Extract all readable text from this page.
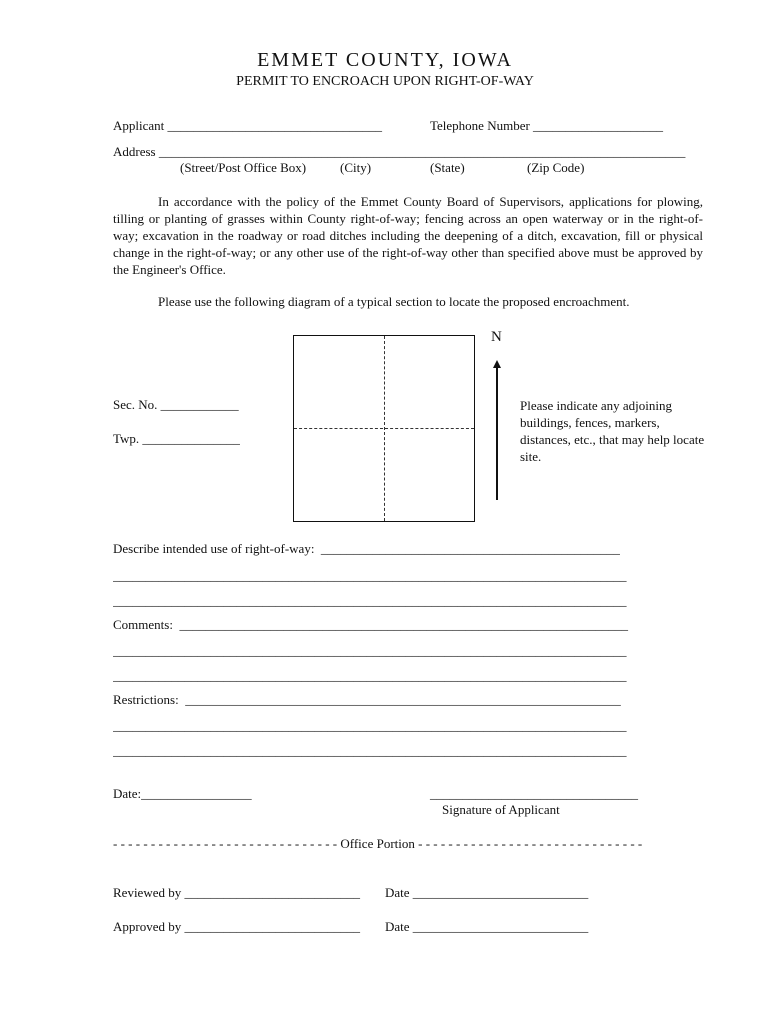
EMMET COUNTY, IOWA
PERMIT TO ENCROACH UPON RIGHT-OF-WAY
Applicant _________________________________	Telephone Number ____________________
Address _________________________________________________________________________________
(Street/Post Office Box)	(City)	(State)	(Zip Code)
In accordance with the policy of the Emmet County Board of Supervisors, applications for plowing, tilling or planting of grasses within County right-of-way; fencing across an open waterway or in the right-of-way; excavation in the roadway or road ditches including the deepening of a ditch, excavation, fill or physical change in the right-of-way; or any other use of the right-of-way other than specified above must be approved by the Engineer's Office.
Please use the following diagram of a typical section to locate the proposed encroachment.
N
Sec. No. ____________
Twp. _______________
Please indicate any adjoining buildings, fences, markers, distances, etc., that may help locate site.
Describe intended use of right-of-way:  ______________________________________________
_______________________________________________________________________________
_______________________________________________________________________________
Comments:  _____________________________________________________________________
_______________________________________________________________________________
_______________________________________________________________________________
Restrictions:  ___________________________________________________________________
_______________________________________________________________________________
_______________________________________________________________________________
Date:_________________	________________________________
Signature of Applicant
- - - - - - - - - - - - - - - - - - - - - - - - - - - - - - Office Portion - - - - - - - - - - - - - - - - - - - - - - - - - - - - - -
Reviewed by ___________________________ Date ___________________________
Approved by ___________________________ Date ___________________________
